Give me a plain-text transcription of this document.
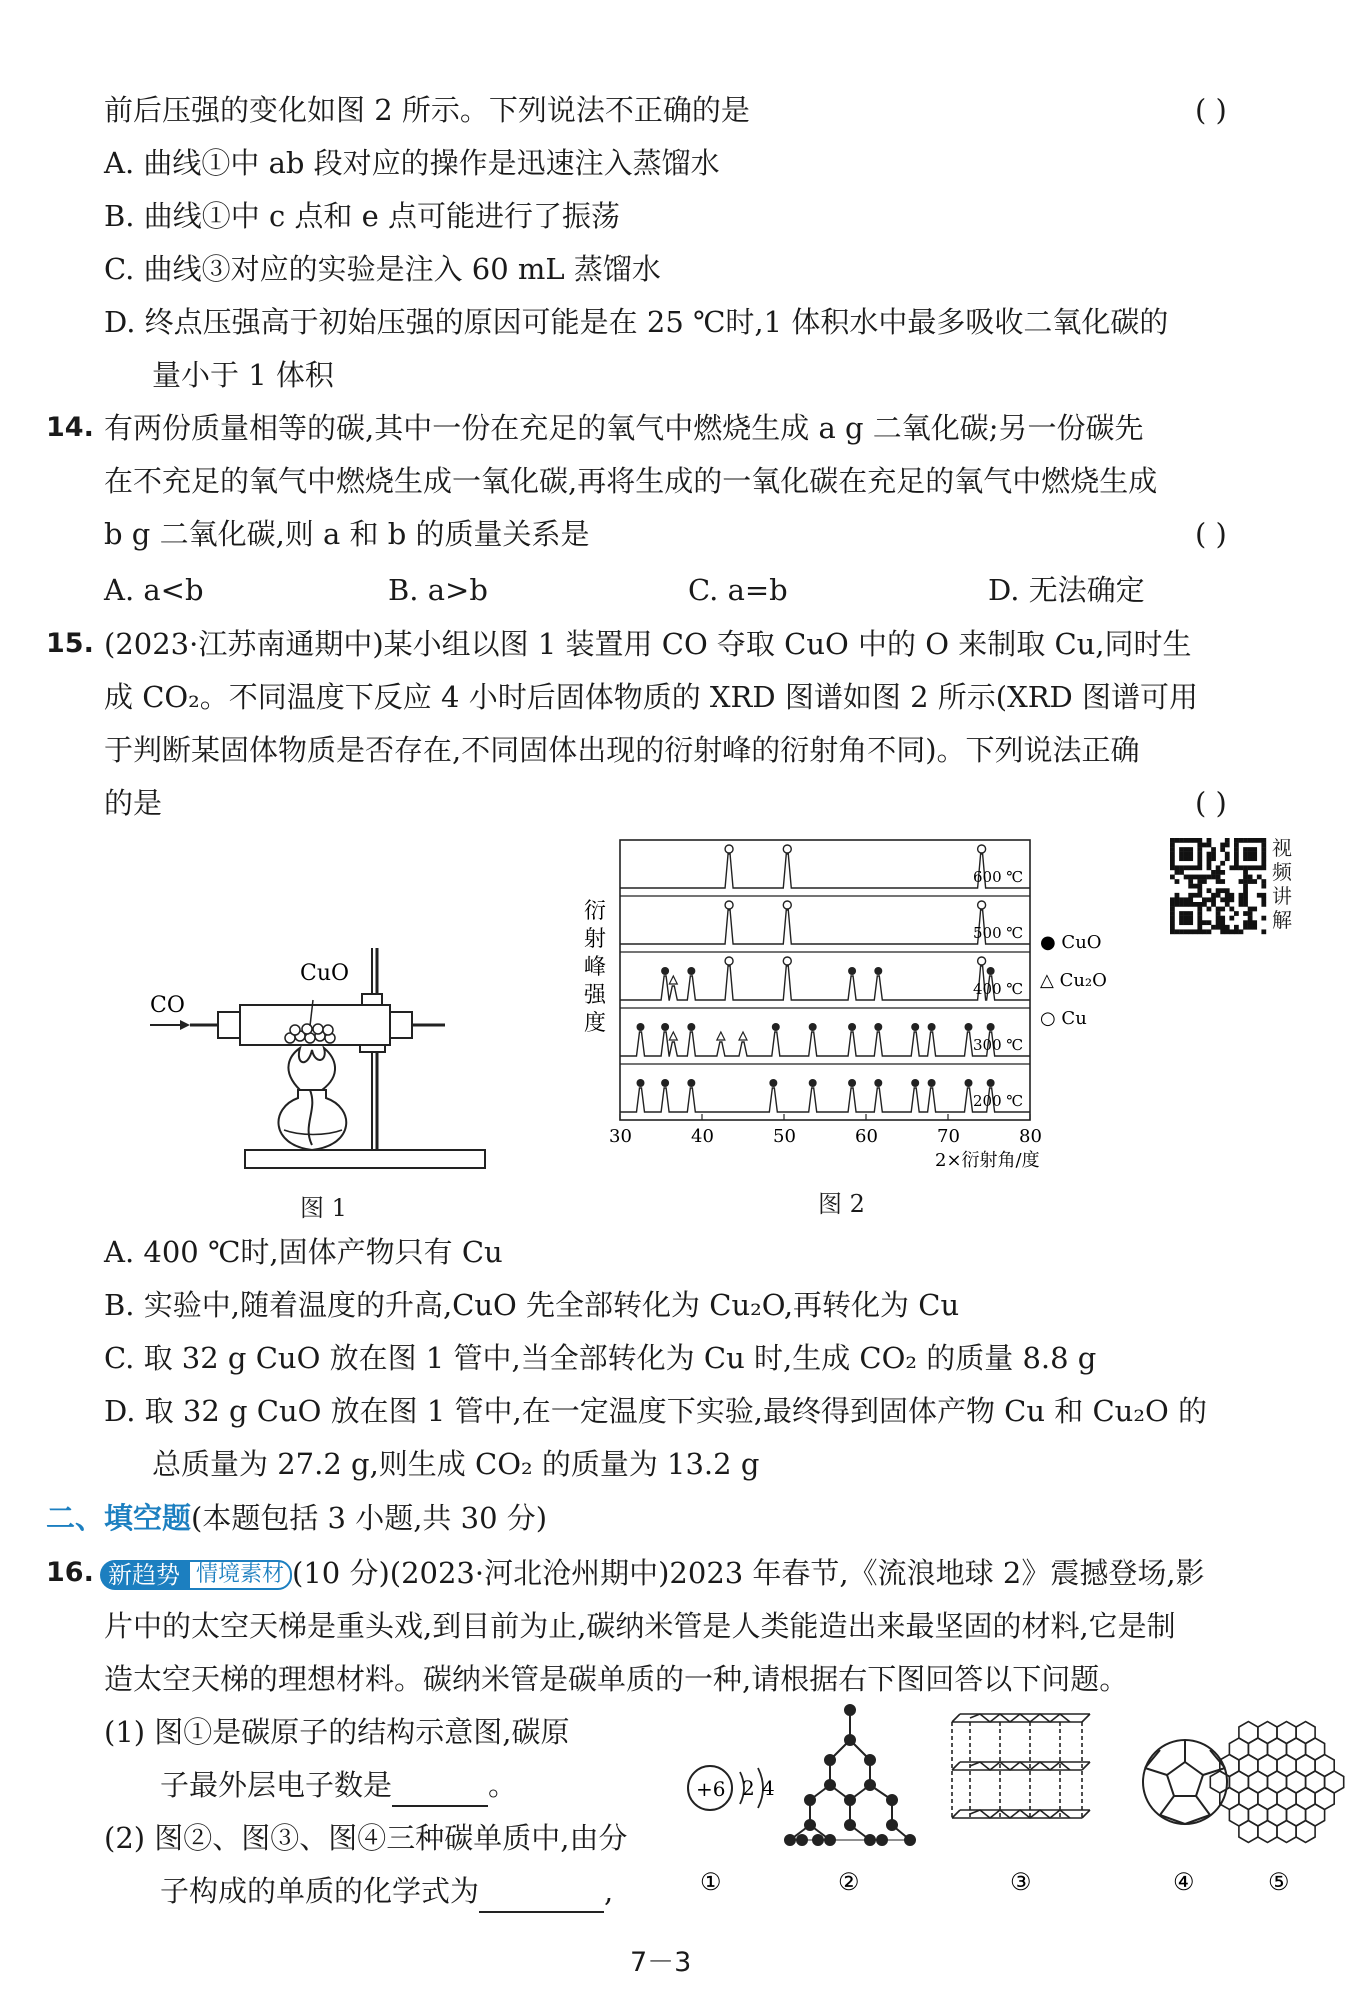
前后压强的变化如图 2 所示。下列说法不正确的是	( )
A. 曲线①中 ab 段对应的操作是迅速注入蒸馏水
B. 曲线①中 c 点和 e 点可能进行了振荡
C. 曲线③对应的实验是注入 60 mL 蒸馏水
D. 终点压强高于初始压强的原因可能是在 25 ℃时,1 体积水中最多吸收二氧化碳的
量小于 1 体积
14. 有两份质量相等的碳,其中一份在充足的氧气中燃烧生成 a g 二氧化碳;另一份碳先
在不充足的氧气中燃烧生成一氧化碳,再将生成的一氧化碳在充足的氧气中燃烧生成
b g 二氧化碳,则 a 和 b 的质量关系是	( )
A. a<b	B. a>b	C. a=b	D. 无法确定
15. (2023·江苏南通期中)某小组以图 1 装置用 CO 夺取 CuO 中的 O 来制取 Cu,同时生
成 CO₂。不同温度下反应 4 小时后固体物质的 XRD 图谱如图 2 所示(XRD 图谱可用
于判断某固体物质是否存在,不同固体出现的衍射峰的衍射角不同)。下列说法正确
的是	( )
CO
CuO
图 1
600 ℃
500 ℃
400 ℃
300 ℃
200 ℃
30	40	50	60	70	80
2×衍射角/度
衍
射
峰
强
度
● CuO
△ Cu₂O
○ Cu
图 2
视
频
讲
解
A. 400 ℃时,固体产物只有 Cu
B. 实验中,随着温度的升高,CuO 先全部转化为 Cu₂O,再转化为 Cu
C. 取 32 g CuO 放在图 1 管中,当全部转化为 Cu 时,生成 CO₂ 的质量 8.8 g
D. 取 32 g CuO 放在图 1 管中,在一定温度下实验,最终得到固体产物 Cu 和 Cu₂O 的
总质量为 27.2 g,则生成 CO₂ 的质量为 13.2 g
二、填空题(本题包括 3 小题,共 30 分)
16. 新趋势 情境素材 (10 分)(2023·河北沧州期中)2023 年春节,《流浪地球 2》震撼登场,影
片中的太空天梯是重头戏,到目前为止,碳纳米管是人类能造出来最坚固的材料,它是制
造太空天梯的理想材料。碳纳米管是碳单质的一种,请根据右下图回答以下问题。
(1) 图①是碳原子的结构示意图,碳原
子最外层电子数是	。
(2) 图②、图③、图④三种碳单质中,由分
子构成的单质的化学式为	,
+6 2 4
①	②	③	④	⑤
7－3
